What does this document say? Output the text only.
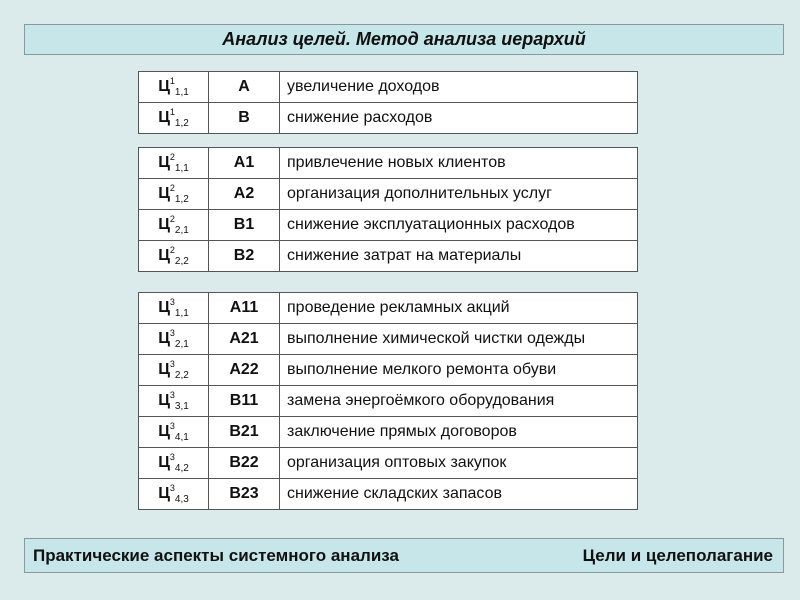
Анализ целей. Метод анализа иерархий
$Ц^1_{1,1}$	A	увеличение доходов
$Ц^1_{1,2}$	B	снижение расходов
$Ц^2_{1,1}$	A1	привлечение новых клиентов
$Ц^2_{1,2}$	A2	организация дополнительных услуг
$Ц^2_{2,1}$	B1	снижение эксплуатационных расходов
$Ц^2_{2,2}$	B2	снижение затрат на материалы
$Ц^3_{1,1}$	A11	проведение рекламных акций
$Ц^3_{2,1}$	A21	выполнение химической чистки одежды
$Ц^3_{2,2}$	A22	выполнение мелкого ремонта обуви
$Ц^3_{3,1}$	B11	замена энергоёмкого оборудования
$Ц^3_{4,1}$	B21	заключение прямых договоров
$Ц^3_{4,2}$	B22	организация оптовых закупок
$Ц^3_{4,3}$	B23	снижение складских запасов
Практические аспекты системного анализа	Цели и целеполагание
